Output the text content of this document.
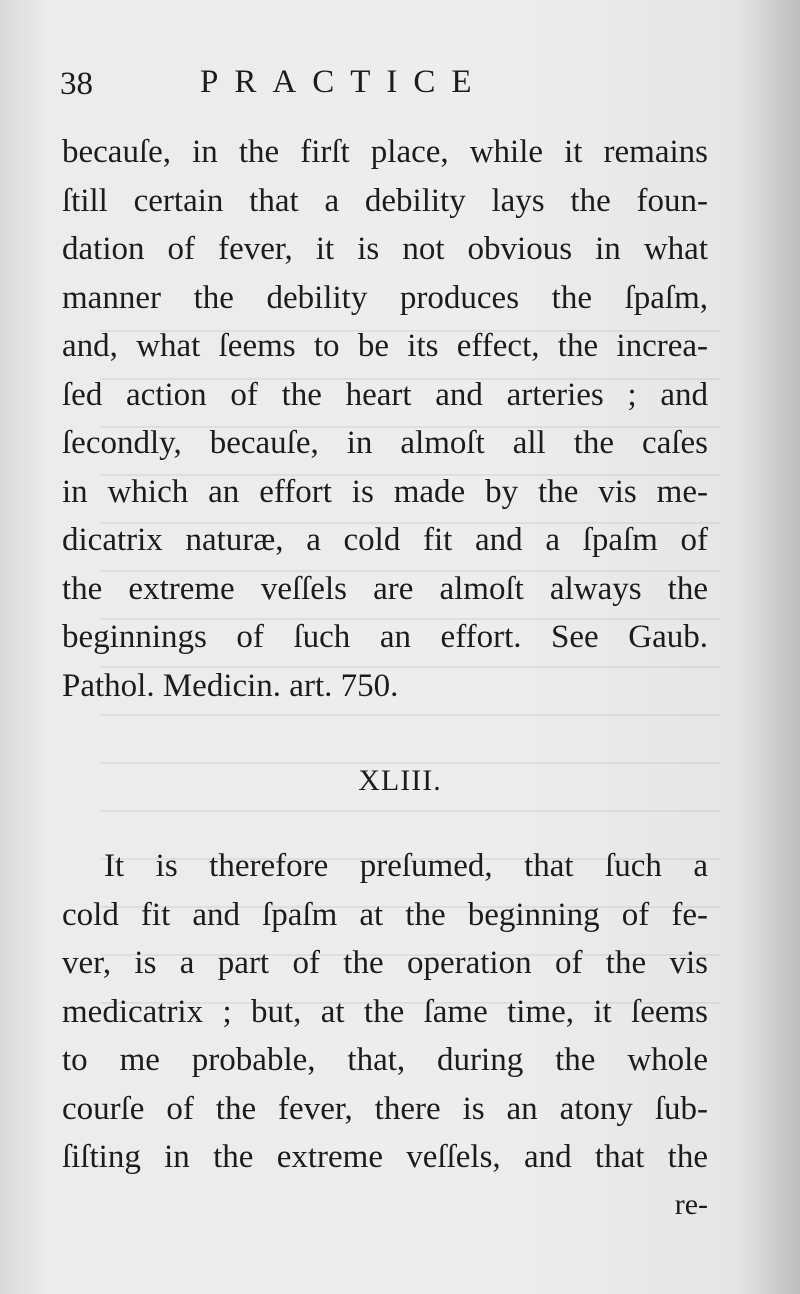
38	PRACTICE
becauſe, in the firſt place, while it remains
ſtill certain that a debility lays the foun-
dation of fever, it is not obvious in what
manner the debility produces the ſpaſm,
and, what ſeems to be its effect, the increa-
ſed action of the heart and arteries ; and
ſecondly, becauſe, in almoſt all the caſes
in which an effort is made by the vis me-
dicatrix naturæ, a cold fit and a ſpaſm of
the extreme veſſels are almoſt always the
beginnings of ſuch an effort. See Gaub.
Pathol. Medicin. art. 750.
XLIII.
It is therefore preſumed, that ſuch a
cold fit and ſpaſm at the beginning of fe-
ver, is a part of the operation of the vis
medicatrix ; but, at the ſame time, it ſeems
to me probable, that, during the whole
courſe of the fever, there is an atony ſub-
ſiſting in the extreme veſſels, and that the
re-
